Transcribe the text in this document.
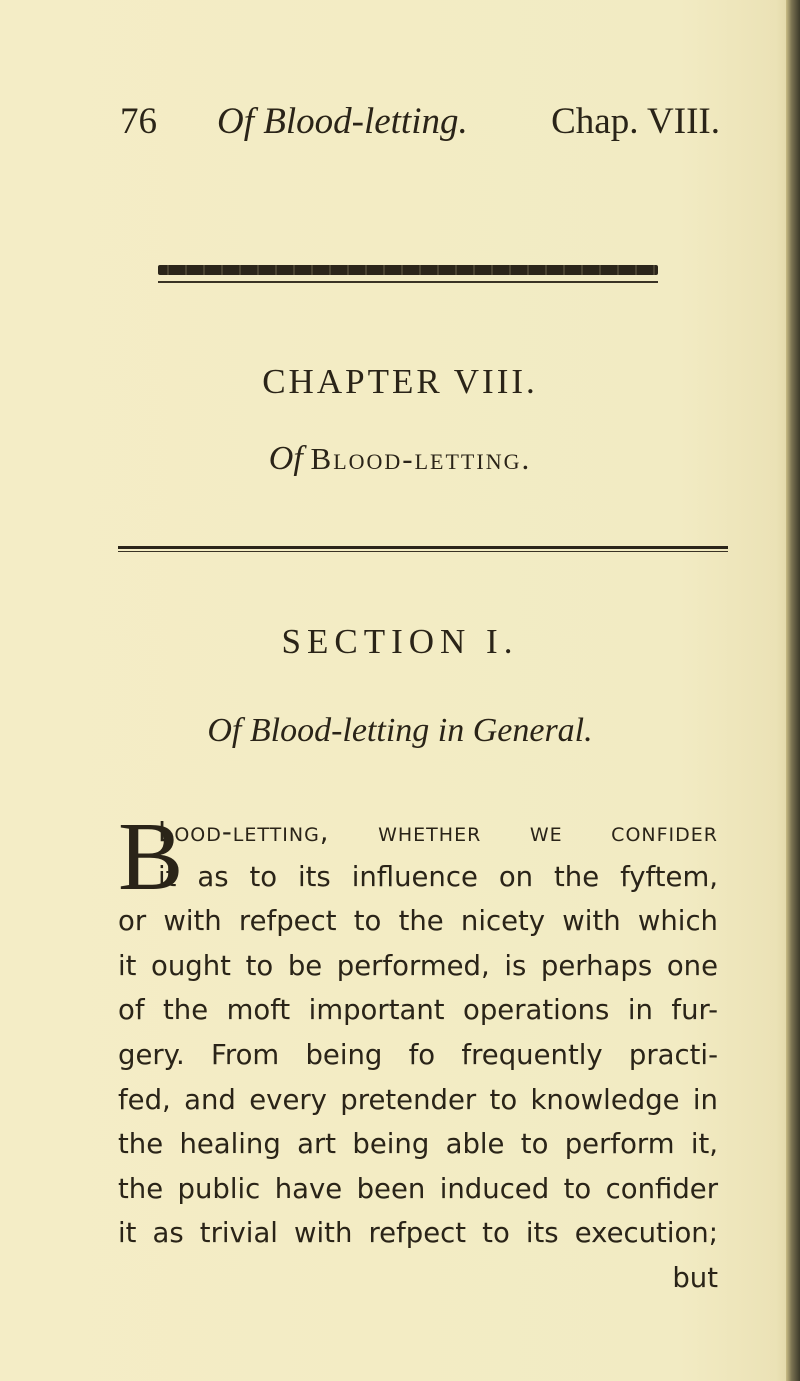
76 Of Blood-letting. Chap. VIII.
CHAPTER VIII.
Of Blood-letting.
SECTION I.
Of Blood-letting in General.
B
Lood-letting, whether we confider
it as to its influence on the fyftem,
or with refpect to the nicety with which
it ought to be performed, is perhaps one
of the moft important operations in fur-
gery. From being fo frequently practi-
fed, and every pretender to knowledge in
the healing art being able to perform it,
the public have been induced to confider
it as trivial with refpect to its execution;
but
